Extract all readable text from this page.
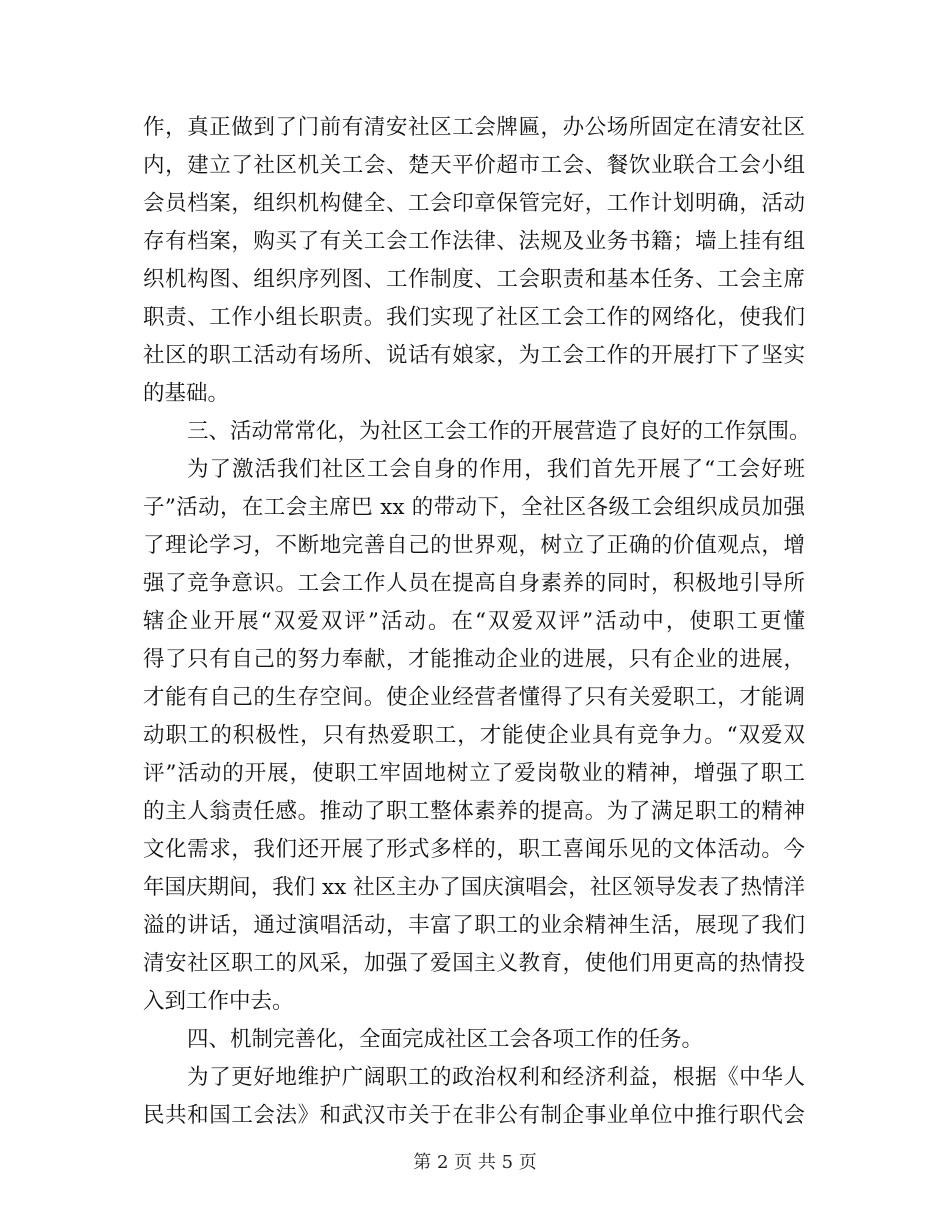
作，真正做到了门前有清安社区工会牌匾，办公场所固定在清安社区
内，建立了社区机关工会、楚天平价超市工会、餐饮业联合工会小组
会员档案，组织机构健全、工会印章保管完好，工作计划明确，活动
存有档案，购买了有关工会工作法律、法规及业务书籍；墙上挂有组
织机构图、组织序列图、工作制度、工会职责和基本任务、工会主席
职责、工作小组长职责。我们实现了社区工会工作的网络化，使我们
社区的职工活动有场所、说话有娘家，为工会工作的开展打下了坚实
的基础。
三、活动常常化，为社区工会工作的开展营造了良好的工作氛围。
为了激活我们社区工会自身的作用，我们首先开展了“工会好班
子”活动，在工会主席巴 xx 的带动下，全社区各级工会组织成员加强
了理论学习，不断地完善自己的世界观，树立了正确的价值观点，增
强了竞争意识。工会工作人员在提高自身素养的同时，积极地引导所
辖企业开展“双爱双评”活动。在“双爱双评”活动中，使职工更懂
得了只有自己的努力奉献，才能推动企业的进展，只有企业的进展，
才能有自己的生存空间。使企业经营者懂得了只有关爱职工，才能调
动职工的积极性，只有热爱职工，才能使企业具有竞争力。“双爱双
评”活动的开展，使职工牢固地树立了爱岗敬业的精神，增强了职工
的主人翁责任感。推动了职工整体素养的提高。为了满足职工的精神
文化需求，我们还开展了形式多样的，职工喜闻乐见的文体活动。今
年国庆期间，我们 xx 社区主办了国庆演唱会，社区领导发表了热情洋
溢的讲话，通过演唱活动，丰富了职工的业余精神生活，展现了我们
清安社区职工的风采，加强了爱国主义教育，使他们用更高的热情投
入到工作中去。
四、机制完善化，全面完成社区工会各项工作的任务。
为了更好地维护广阔职工的政治权利和经济利益，根据《中华人
民共和国工会法》和武汉市关于在非公有制企事业单位中推行职代会
第 2 页 共 5 页
